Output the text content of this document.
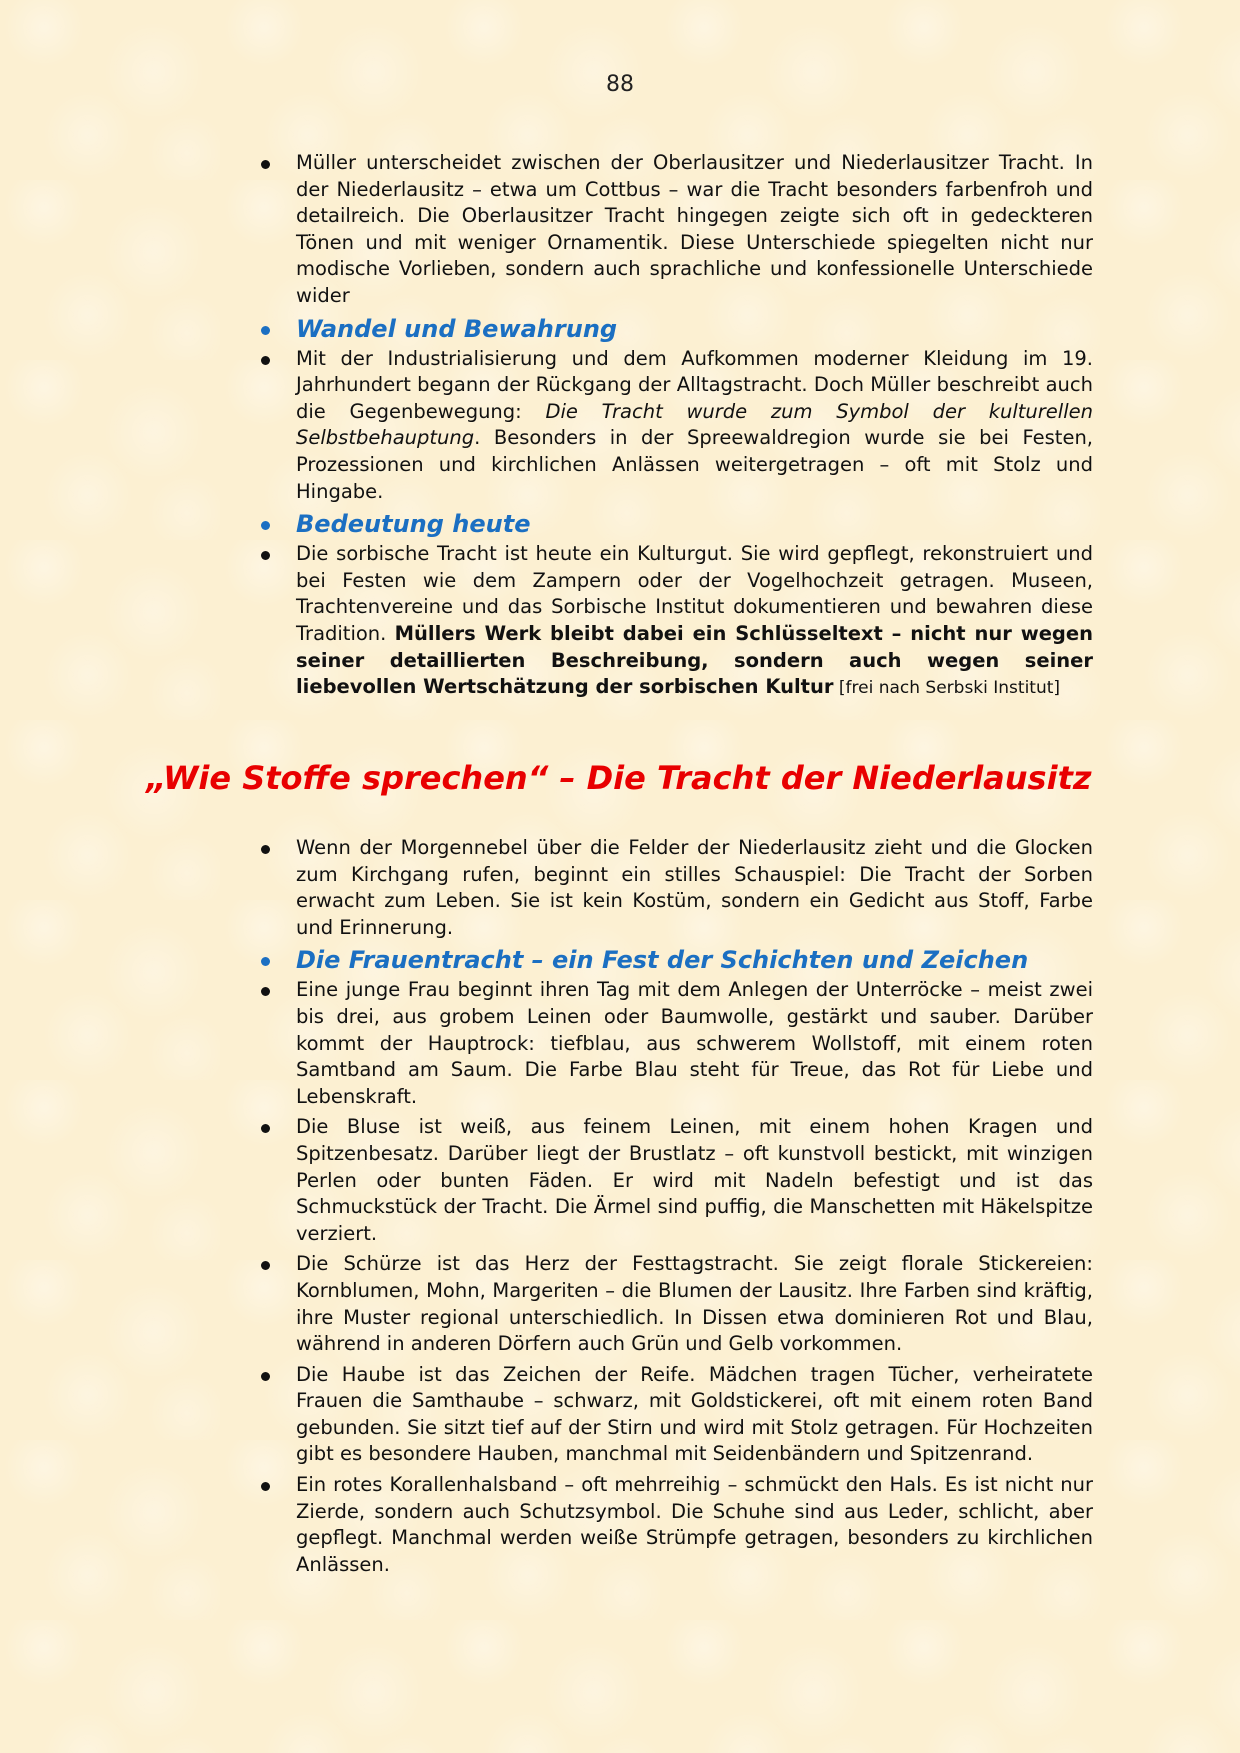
88
Müller unterscheidet zwischen der Oberlausitzer und Niederlausitzer Tracht. In der Niederlausitz – etwa um Cottbus – war die Tracht besonders farbenfroh und detailreich. Die Oberlausitzer Tracht hingegen zeigte sich oft in gedeckteren Tönen und mit weniger Ornamentik. Diese Unterschiede spiegelten nicht nur modische Vorlieben, sondern auch sprachliche und konfessionelle Unterschiede wider
Wandel und Bewahrung
Mit der Industrialisierung und dem Aufkommen moderner Kleidung im 19. Jahrhundert begann der Rückgang der Alltagstracht. Doch Müller beschreibt auch die Gegenbewegung: Die Tracht wurde zum Symbol der kulturellen Selbstbehauptung. Besonders in der Spreewaldregion wurde sie bei Festen, Prozessionen und kirchlichen Anlässen weitergetragen – oft mit Stolz und Hingabe.
Bedeutung heute
Die sorbische Tracht ist heute ein Kulturgut. Sie wird gepflegt, rekonstruiert und bei Festen wie dem Zampern oder der Vogelhochzeit getragen. Museen, Trachtenvereine und das Sorbische Institut dokumentieren und bewahren diese Tradition. Müllers Werk bleibt dabei ein Schlüsseltext – nicht nur wegen seiner detaillierten Beschreibung, sondern auch wegen seiner liebevollen Wertschätzung der sorbischen Kultur [frei nach Serbski Institut]
„Wie Stoffe sprechen“ – Die Tracht der Niederlausitz
Wenn der Morgennebel über die Felder der Niederlausitz zieht und die Glocken zum Kirchgang rufen, beginnt ein stilles Schauspiel: Die Tracht der Sorben erwacht zum Leben. Sie ist kein Kostüm, sondern ein Gedicht aus Stoff, Farbe und Erinnerung.
Die Frauentracht – ein Fest der Schichten und Zeichen
Eine junge Frau beginnt ihren Tag mit dem Anlegen der Unterröcke – meist zwei bis drei, aus grobem Leinen oder Baumwolle, gestärkt und sauber. Darüber kommt der Hauptrock: tiefblau, aus schwerem Wollstoff, mit einem roten Samtband am Saum. Die Farbe Blau steht für Treue, das Rot für Liebe und Lebenskraft.
Die Bluse ist weiß, aus feinem Leinen, mit einem hohen Kragen und Spitzenbesatz. Darüber liegt der Brustlatz – oft kunstvoll bestickt, mit winzigen Perlen oder bunten Fäden. Er wird mit Nadeln befestigt und ist das Schmuckstück der Tracht. Die Ärmel sind puffig, die Manschetten mit Häkelspitze verziert.
Die Schürze ist das Herz der Festtagstracht. Sie zeigt florale Stickereien: Kornblumen, Mohn, Margeriten – die Blumen der Lausitz. Ihre Farben sind kräftig, ihre Muster regional unterschiedlich. In Dissen etwa dominieren Rot und Blau, während in anderen Dörfern auch Grün und Gelb vorkommen.
Die Haube ist das Zeichen der Reife. Mädchen tragen Tücher, verheiratete Frauen die Samthaube – schwarz, mit Goldstickerei, oft mit einem roten Band gebunden. Sie sitzt tief auf der Stirn und wird mit Stolz getragen. Für Hochzeiten gibt es besondere Hauben, manchmal mit Seidenbändern und Spitzenrand.
Ein rotes Korallenhalsband – oft mehrreihig – schmückt den Hals. Es ist nicht nur Zierde, sondern auch Schutzsymbol. Die Schuhe sind aus Leder, schlicht, aber gepflegt. Manchmal werden weiße Strümpfe getragen, besonders zu kirchlichen Anlässen.
